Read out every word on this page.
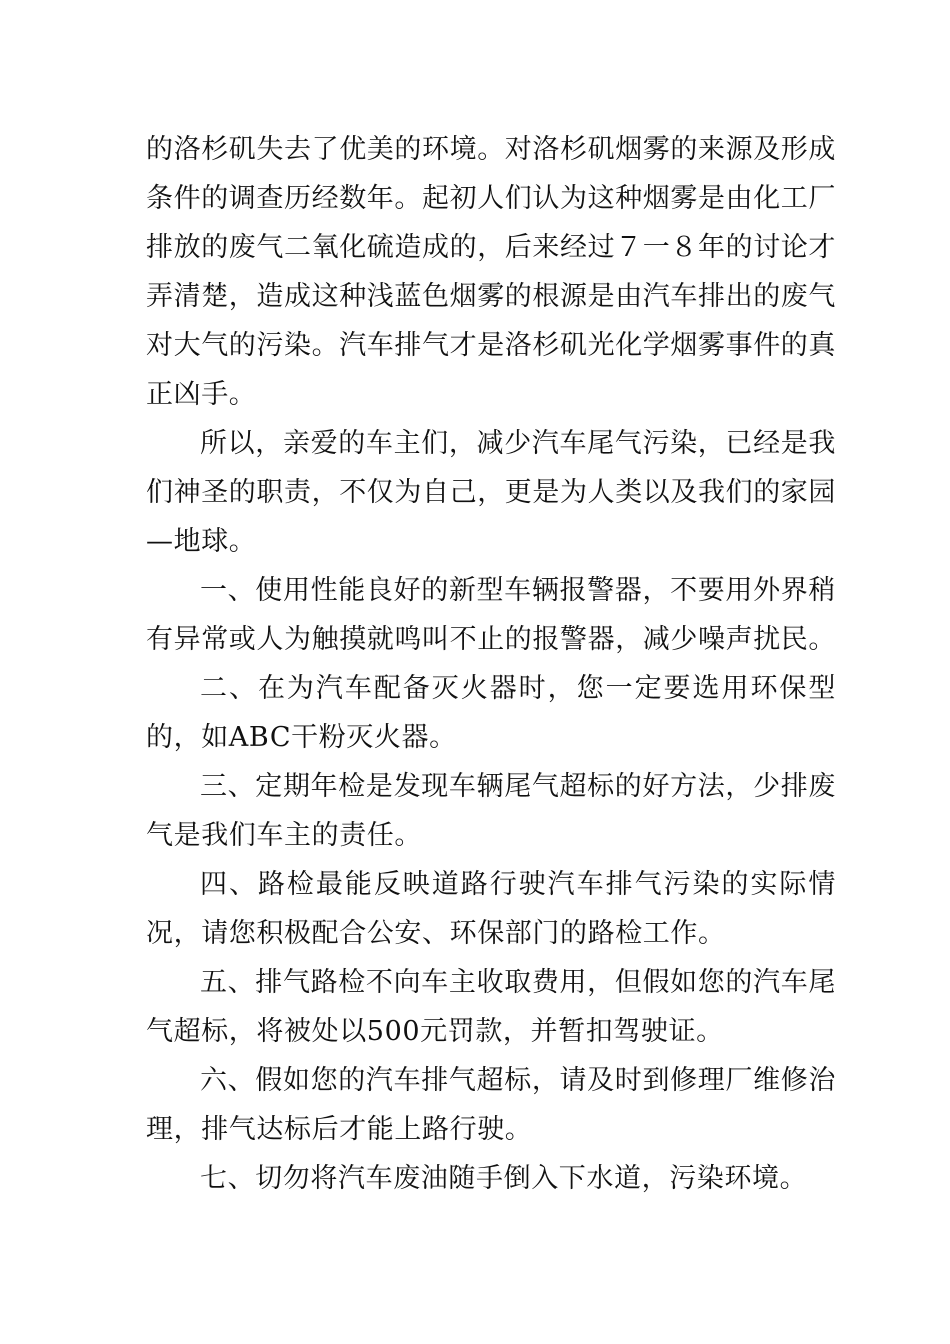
的洛杉矶失去了优美的环境。对洛杉矶烟雾的来源及形成条件的调查历经数年。起初人们认为这种烟雾是由化工厂排放的废气二氧化硫造成的，后来经过７一８年的讨论才弄清楚，造成这种浅蓝色烟雾的根源是由汽车排出的废气对大气的污染。汽车排气才是洛杉矶光化学烟雾事件的真正凶手。

所以，亲爱的车主们，减少汽车尾气污染，已经是我们神圣的职责，不仅为自己，更是为人类以及我们的家园—地球。

一、使用性能良好的新型车辆报警器，不要用外界稍有异常或人为触摸就鸣叫不止的报警器，减少噪声扰民。

二、在为汽车配备灭火器时，您一定要选用环保型的，如ABC干粉灭火器。

三、定期年检是发现车辆尾气超标的好方法，少排废气是我们车主的责任。

四、路检最能反映道路行驶汽车排气污染的实际情况，请您积极配合公安、环保部门的路检工作。

五、排气路检不向车主收取费用，但假如您的汽车尾气超标，将被处以500元罚款，并暂扣驾驶证。

六、假如您的汽车排气超标，请及时到修理厂维修治理，排气达标后才能上路行驶。

七、切勿将汽车废油随手倒入下水道，污染环境。
